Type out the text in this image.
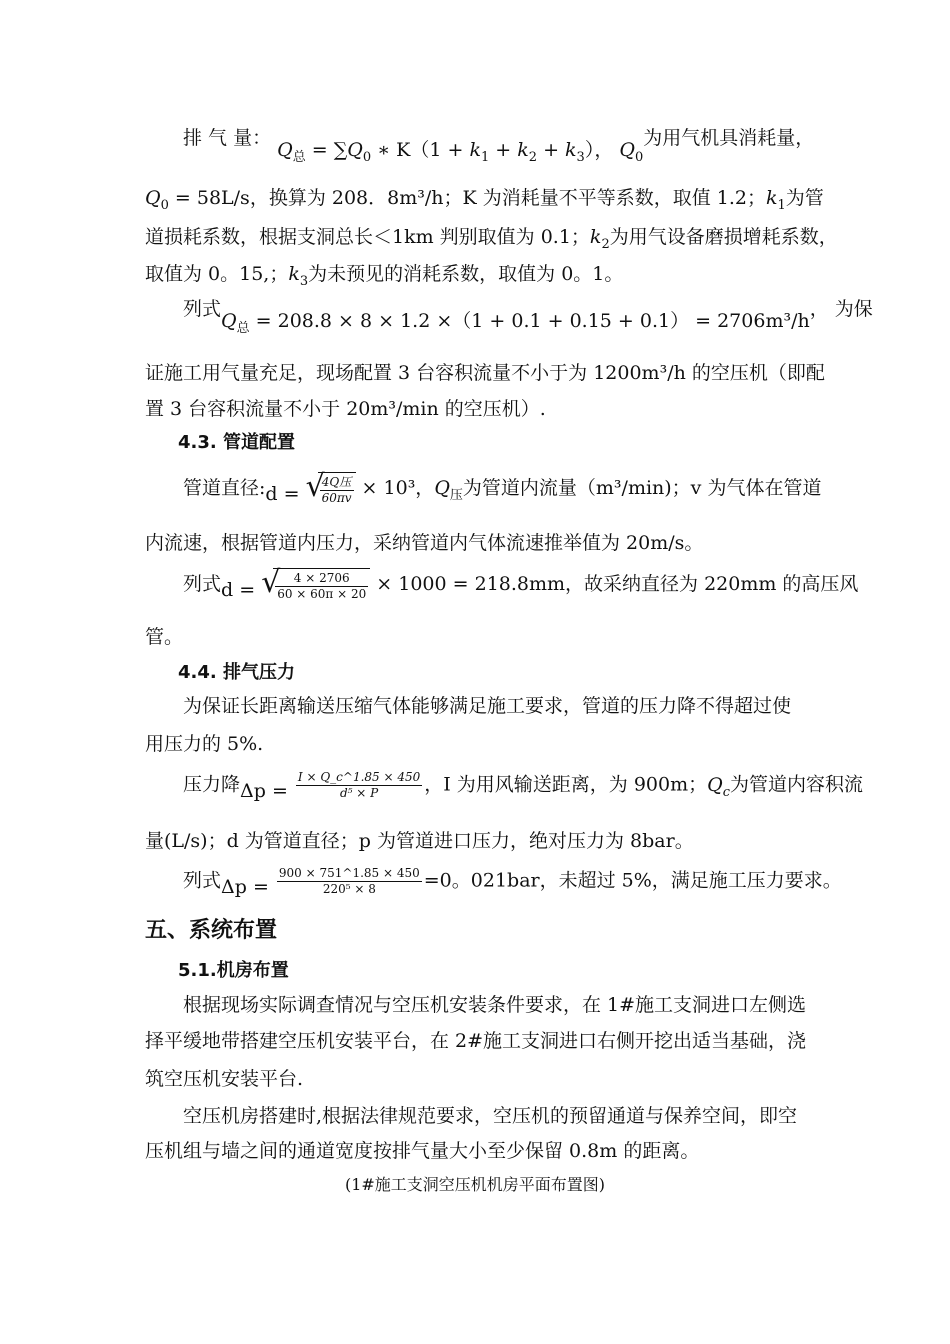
排 气 量： $Q_总 = \sum Q_0$ ∗ $K(1 + k_1 + k_2 + k_3)$， $Q_0$为用气机具消耗量，
$Q_0 = 58L/s$，换算为 208．8m³/h；K 为消耗量不平等系数，取值 1.2；$k_1$为管
道损耗系数，根据支洞总长＜1km 判别取值为 0.1；$k_2$为用气设备磨损增耗系数，
取值为 0。15,；$k_3$为未预见的消耗系数，取值为 0。1。
列式$Q_总 = 208.8 \times 8 \times 1.2 \times(1 + 0.1 + 0.15 + 0.1) = 2706m^3/h$， 为保
证施工用气量充足，现场配置 3 台容积流量不小于为 1200m³/h 的空压机（即配
置 3 台容积流量不小于 20m³/min 的空压机）.
4.3. 管道配置
管道直径:d = √
$\frac{\text{4Q压}}{60\pi v} \times 10^3$，$Q_压$为管道内流量（m³/min)；v 为气体在管道
内流速，根据管道内压力，采纳管道内气体流速推举值为 20m/s。
列式d = √
$\frac{4 \times 2706}{60 \times 60\pi \times 20} \times 1000 = 218.8mm$，故采纳直径为 220mm 的高压风
管。
4.4. 排气压力
为保证长距离输送压缩气体能够满足施工要求，管道的压力降不得超过使
用压力的 5%.
压力降$\Delta p = \frac{I \times Q\_c\^{}1.85 \times 450}{\text{d⁵ × P}}$ ，I 为用风输送距离，为 900m；$Q_c$为管道内容积流
量(L/s)；d 为管道直径；p 为管道进口压力，绝对压力为 8bar。
列式$\Delta p = \frac{900 \times 751\^{}1.85 \times 450}{\text{220⁵ × 8}} =0$。021bar，未超过 5%，满足施工压力要求。
五、系统布置
5.1.机房布置
根据现场实际调查情况与空压机安装条件要求，在 1#施工支洞进口左侧选
择平缓地带搭建空压机安装平台，在 2#施工支洞进口右侧开挖出适当基础，浇
筑空压机安装平台.
空压机房搭建时,根据法律规范要求，空压机的预留通道与保养空间，即空
压机组与墙之间的通道宽度按排气量大小至少保留 0.8m 的距离。
(1#施工支洞空压机机房平面布置图)
